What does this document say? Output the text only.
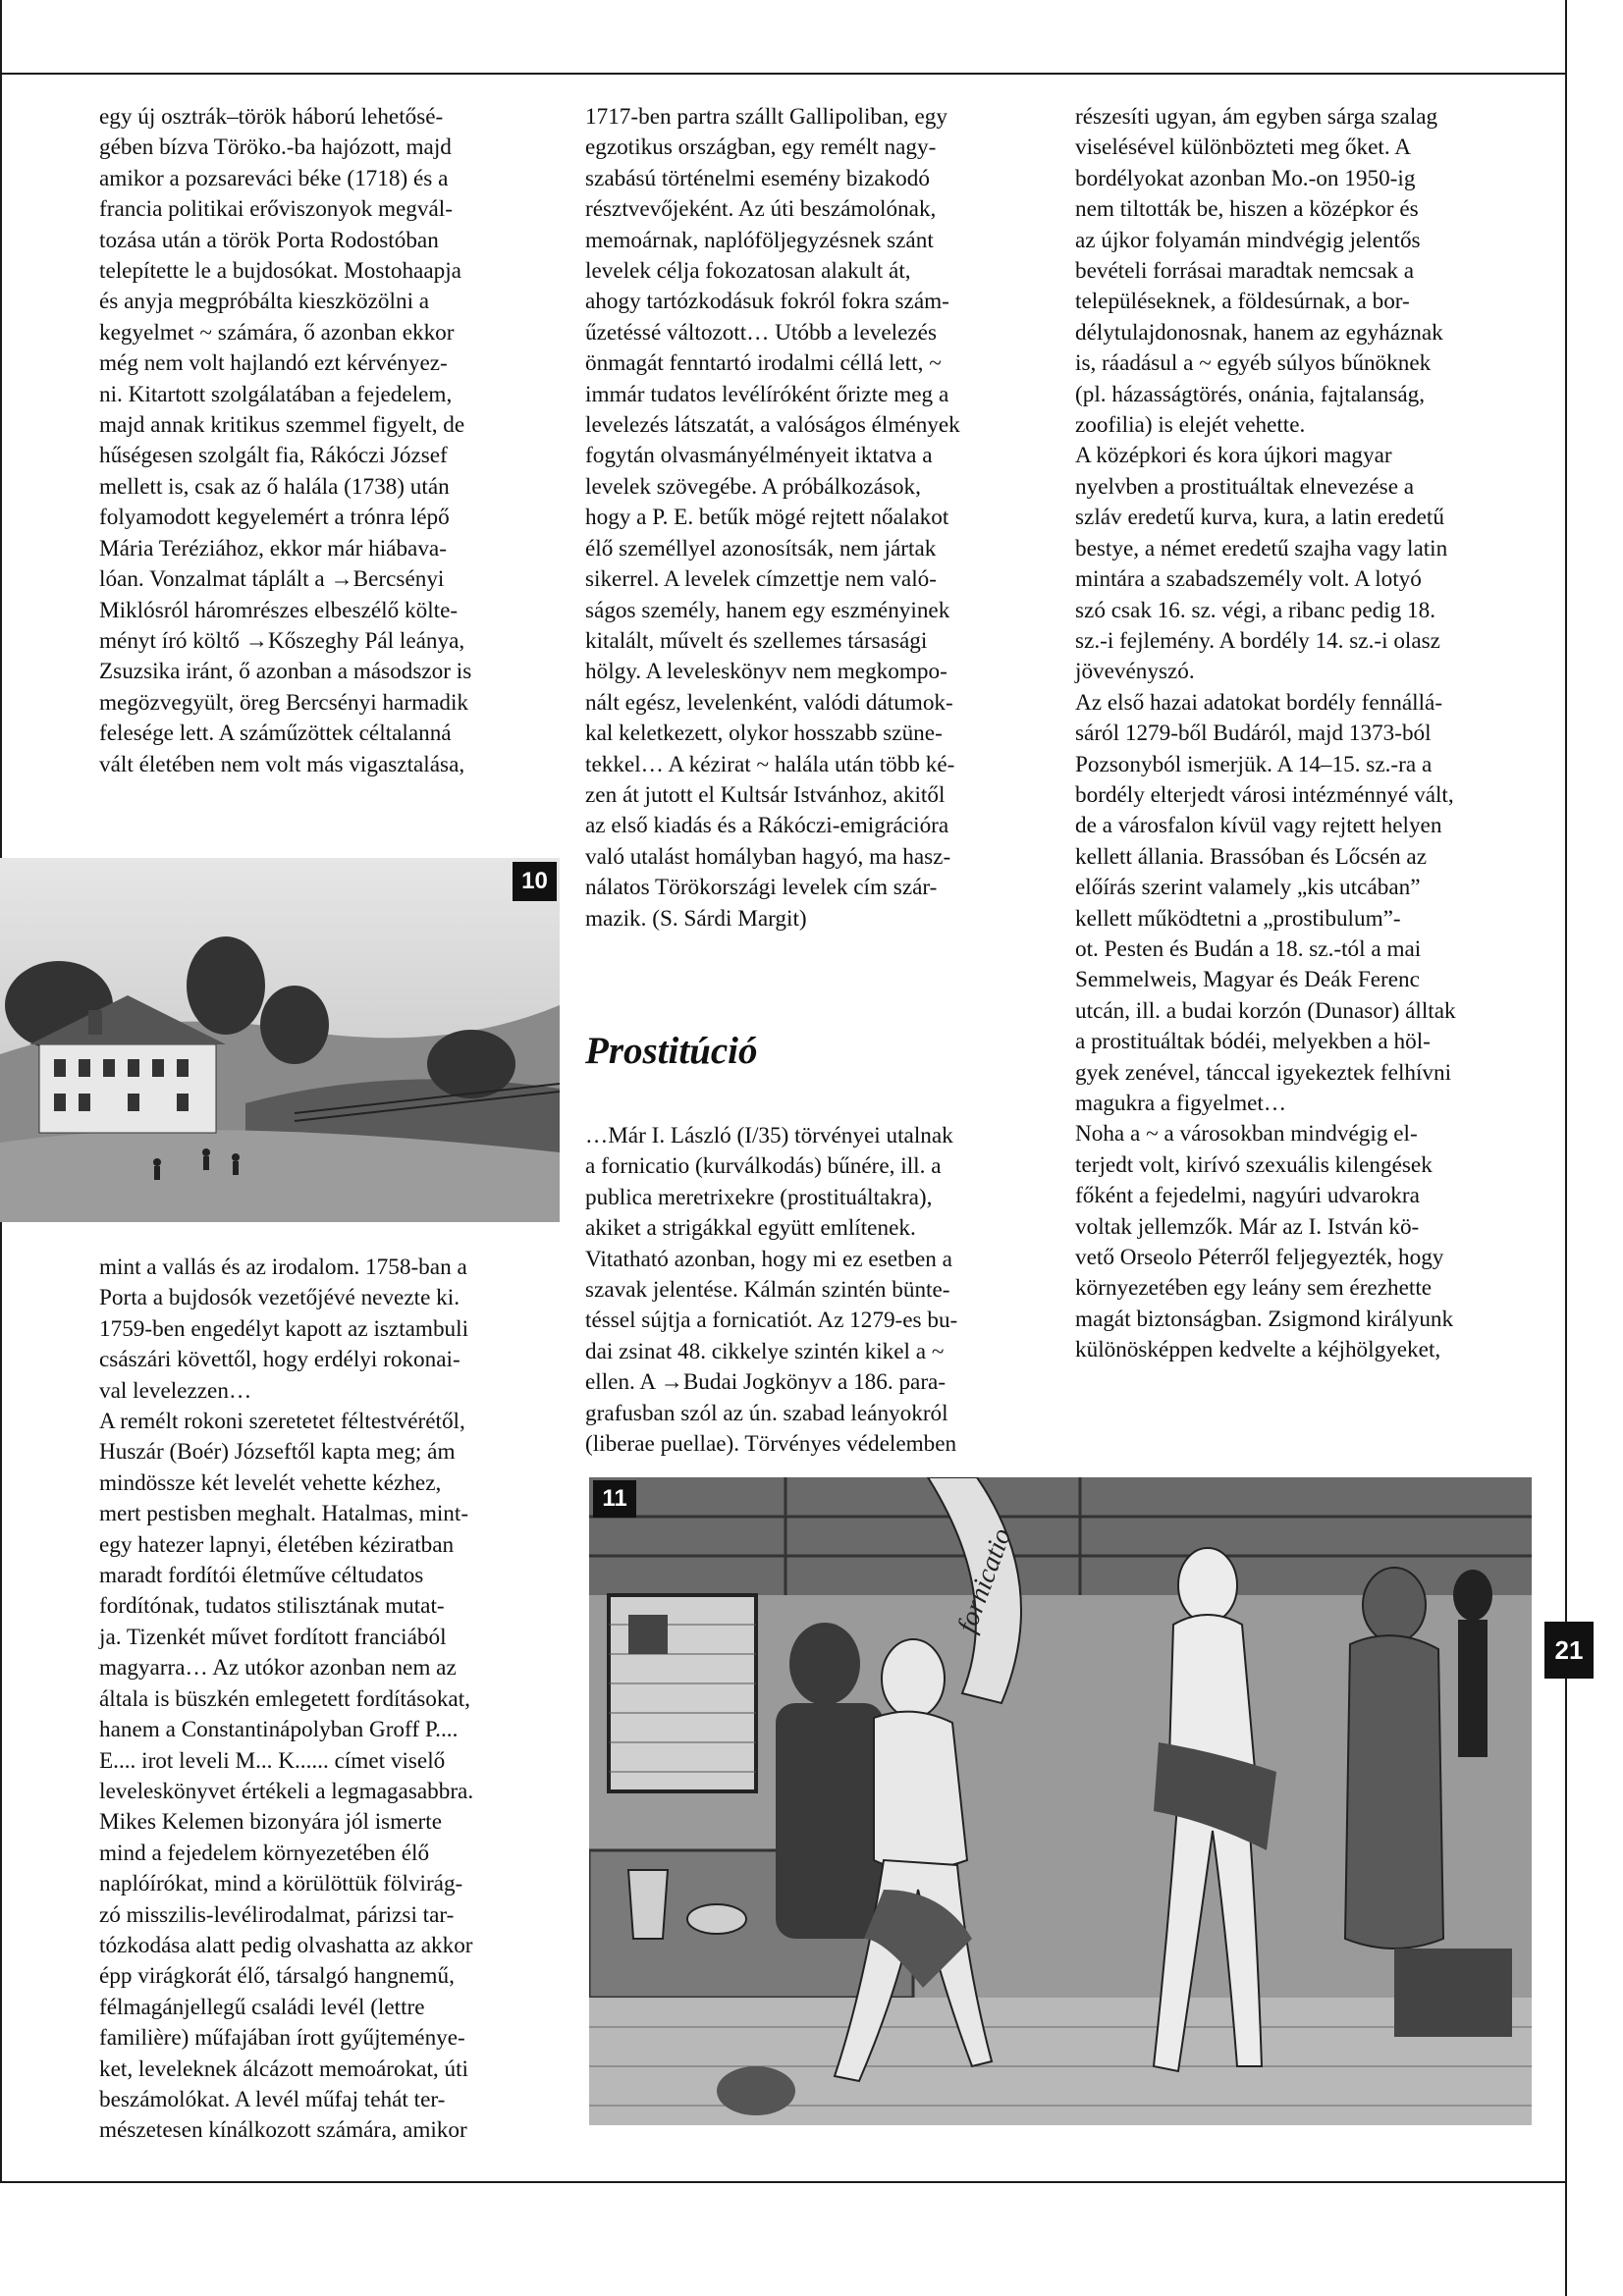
egy új osztrák–török háború lehetősé-

gében bízva Töröko.-ba hajózott, majd

amikor a pozsareváci béke (1718) és a

francia politikai erőviszonyok megvál-

tozása után a török Porta Rodostóban

telepítette le a bujdosókat. Mostohaapja

és anyja megpróbálta kieszközölni a

kegyelmet ~ számára, ő azonban ekkor

még nem volt hajlandó ezt kérvényez-

ni. Kitartott szolgálatában a fejedelem,

majd annak kritikus szemmel figyelt, de

hűségesen szolgált fia, Rákóczi József

mellett is, csak az ő halála (1738) után

folyamodott kegyelemért a trónra lépő

Mária Teréziához, ekkor már hiábava-

lóan. Vonzalmat táplált a →Bercsényi

Miklósról háromrészes elbeszélő költe-

ményt író költő →Kőszeghy Pál leánya,

Zsuzsika iránt, ő azonban a másodszor is

megözvegyült, öreg Bercsényi harmadik

felesége lett. A száműzöttek céltalanná

vált életében nem volt más vigasztalása,

10

mint a vallás és az irodalom. 1758-ban a

Porta a bujdosók vezetőjévé nevezte ki.

1759-ben engedélyt kapott az isztambuli

császári követtől, hogy erdélyi rokonai-

val levelezzen…

A remélt rokoni szeretetet féltestvérétől,

Huszár (Boér) Józseftől kapta meg; ám

mindössze két levelét vehette kézhez,

mert pestisben meghalt. Hatalmas, mint-

egy hatezer lapnyi, életében kéziratban

maradt fordítói életműve céltudatos

fordítónak, tudatos stilisztának mutat-

ja. Tizenkét művet fordított franciából

magyarra… Az utókor azonban nem az

általa is büszkén emlegetett fordításokat,

hanem a Constantinápolyban Groff P....

E.... irot leveli M... K...... címet viselő

leveleskönyvet értékeli a legmagasabbra.

Mikes Kelemen bizonyára jól ismerte

mind a fejedelem környezetében élő

naplóírókat, mind a körülöttük fölvirág-

zó misszilis-levélirodalmat, párizsi tar-

tózkodása alatt pedig olvashatta az akkor

épp virágkorát élő, társalgó hangnemű,

félmagánjellegű családi levél (lettre

familière) műfajában írott gyűjteménye-

ket, leveleknek álcázott memoárokat, úti

beszámolókat. A levél műfaj tehát ter-

mészetesen kínálkozott számára, amikor

1717-ben partra szállt Gallipoliban, egy

egzotikus országban, egy remélt nagy-

szabású történelmi esemény bizakodó

résztvevőjeként. Az úti beszámolónak,

memoárnak, naplóföljegyzésnek szánt

levelek célja fokozatosan alakult át,

ahogy tartózkodásuk fokról fokra szám-

űzetéssé változott… Utóbb a levelezés

önmagát fenntartó irodalmi céllá lett, ~

immár tudatos levélíróként őrizte meg a

levelezés látszatát, a valóságos élmények

fogytán olvasmányélményeit iktatva a

levelek szövegébe. A próbálkozások,

hogy a P. E. betűk mögé rejtett nőalakot

élő személlyel azonosítsák, nem jártak

sikerrel. A levelek címzettje nem való-

ságos személy, hanem egy eszményinek

kitalált, művelt és szellemes társasági

hölgy. A leveleskönyv nem megkompo-

nált egész, levelenként, valódi dátumok-

kal keletkezett, olykor hosszabb szüne-

tekkel… A kézirat ~ halála után több ké-

zen át jutott el Kultsár Istvánhoz, akitől

az első kiadás és a Rákóczi-emigrációra

való utalást homályban hagyó, ma hasz-

nálatos Törökországi levelek cím szár-

mazik. (S. Sárdi Margit)

Prostitúció

…Már I. László (I/35) törvényei utalnak

a fornicatio (kurválkodás) bűnére, ill. a

publica meretrixekre (prostituáltakra),

akiket a strigákkal együtt említenek.

Vitatható azonban, hogy mi ez esetben a

szavak jelentése. Kálmán szintén bünte-

téssel sújtja a fornicatiót. Az 1279-es bu-

dai zsinat 48. cikkelye szintén kikel a ~

ellen. A →Budai Jogkönyv a 186. para-

grafusban szól az ún. szabad leányokról

(liberae puellae). Törvényes védelemben

részesíti ugyan, ám egyben sárga szalag

viselésével különbözteti meg őket. A

bordélyokat azonban Mo.-on 1950-ig

nem tiltották be, hiszen a középkor és

az újkor folyamán mindvégig jelentős

bevételi forrásai maradtak nemcsak a

településeknek, a földesúrnak, a bor-

délytulajdonosnak, hanem az egyháznak

is, ráadásul a ~ egyéb súlyos bűnöknek

(pl. házasságtörés, onánia, fajtalanság,

zoofilia) is elejét vehette.

A középkori és kora újkori magyar

nyelvben a prostituáltak elnevezése a

szláv eredetű kurva, kura, a latin eredetű

bestye, a német eredetű szajha vagy latin

mintára a szabadszemély volt. A lotyó

szó csak 16. sz. végi, a ribanc pedig 18.

sz.-i fejlemény. A bordély 14. sz.-i olasz

jövevényszó.

Az első hazai adatokat bordély fennállá-

sáról 1279-ből Budáról, majd 1373-ból

Pozsonyból ismerjük. A 14–15. sz.-ra a

bordély elterjedt városi intézménnyé vált,

de a városfalon kívül vagy rejtett helyen

kellett állania. Brassóban és Lőcsén az

előírás szerint valamely „kis utcában”

kellett működtetni a „prostibulum”-

ot. Pesten és Budán a 18. sz.-tól a mai

Semmelweis, Magyar és Deák Ferenc

utcán, ill. a budai korzón (Dunasor) álltak

a prostituáltak bódéi, melyekben a höl-

gyek zenével, tánccal igyekeztek felhívni

magukra a figyelmet…

Noha a ~ a városokban mindvégig el-

terjedt volt, kirívó szexuális kilengések

főként a fejedelmi, nagyúri udvarokra

voltak jellemzők. Már az I. István kö-

vető Orseolo Péterről feljegyezték, hogy

környezetében egy leány sem érezhette

magát biztonságban. Zsigmond királyunk

különösképpen kedvelte a kéjhölgyeket,

fornicatio
11
21
